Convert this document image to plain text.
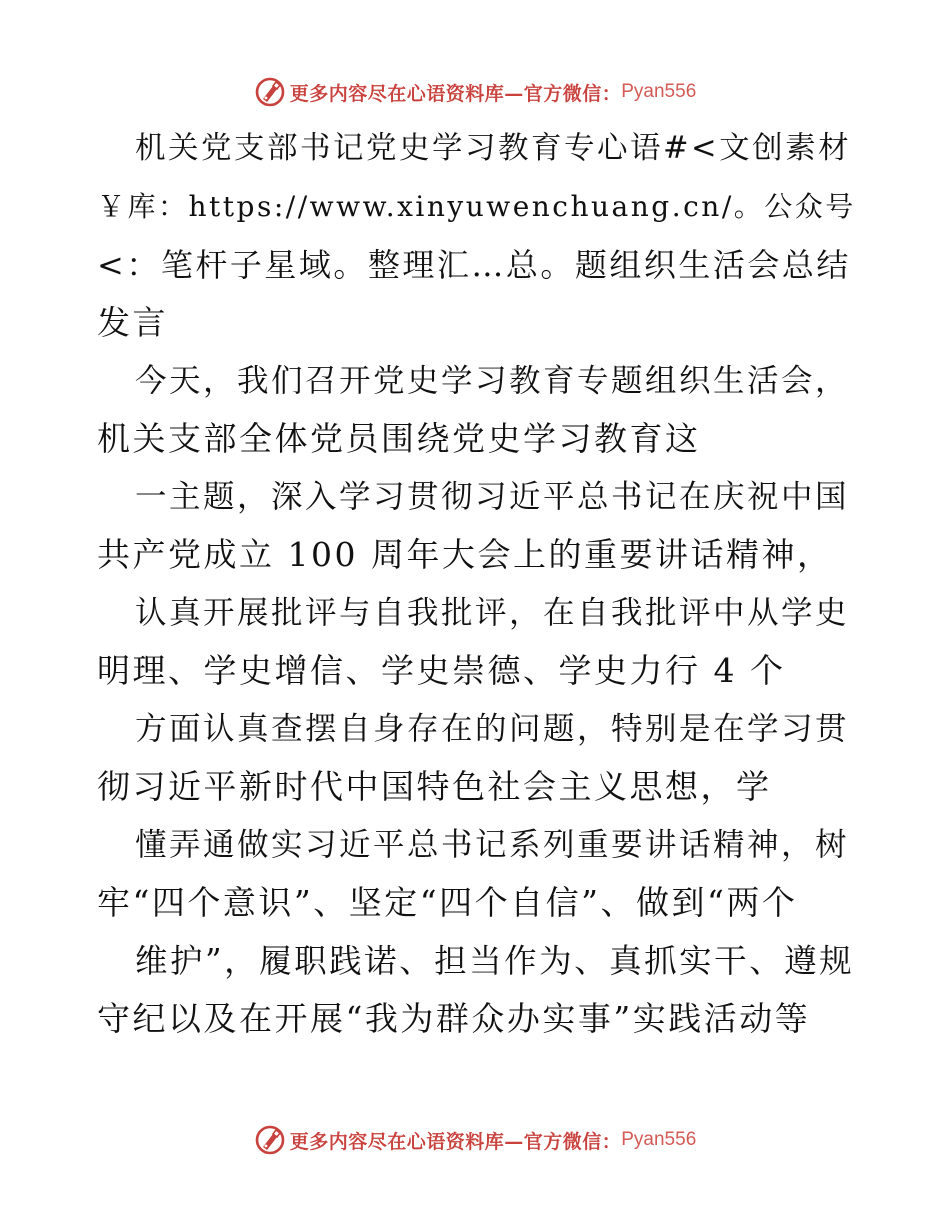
更多内容尽在心语资料库—官方微信： Pyan556
机关党支部书记党史学习教育专心语#<文创素材
￥库：https://www.xinyuwenchuang.cn/。公众号
<：笔杆子星域。整理汇…总。题组织生活会总结
发言
今天，我们召开党史学习教育专题组织生活会，
机关支部全体党员围绕党史学习教育这
一主题，深入学习贯彻习近平总书记在庆祝中国
共产党成立 100 周年大会上的重要讲话精神，
认真开展批评与自我批评，在自我批评中从学史
明理、学史增信、学史崇德、学史力行 4 个
方面认真查摆自身存在的问题，特别是在学习贯
彻习近平新时代中国特色社会主义思想，学
懂弄通做实习近平总书记系列重要讲话精神，树
牢“四个意识”、坚定“四个自信”、做到“两个
维护”，履职践诺、担当作为、真抓实干、遵规
守纪以及在开展“我为群众办实事”实践活动等
更多内容尽在心语资料库—官方微信： Pyan556
